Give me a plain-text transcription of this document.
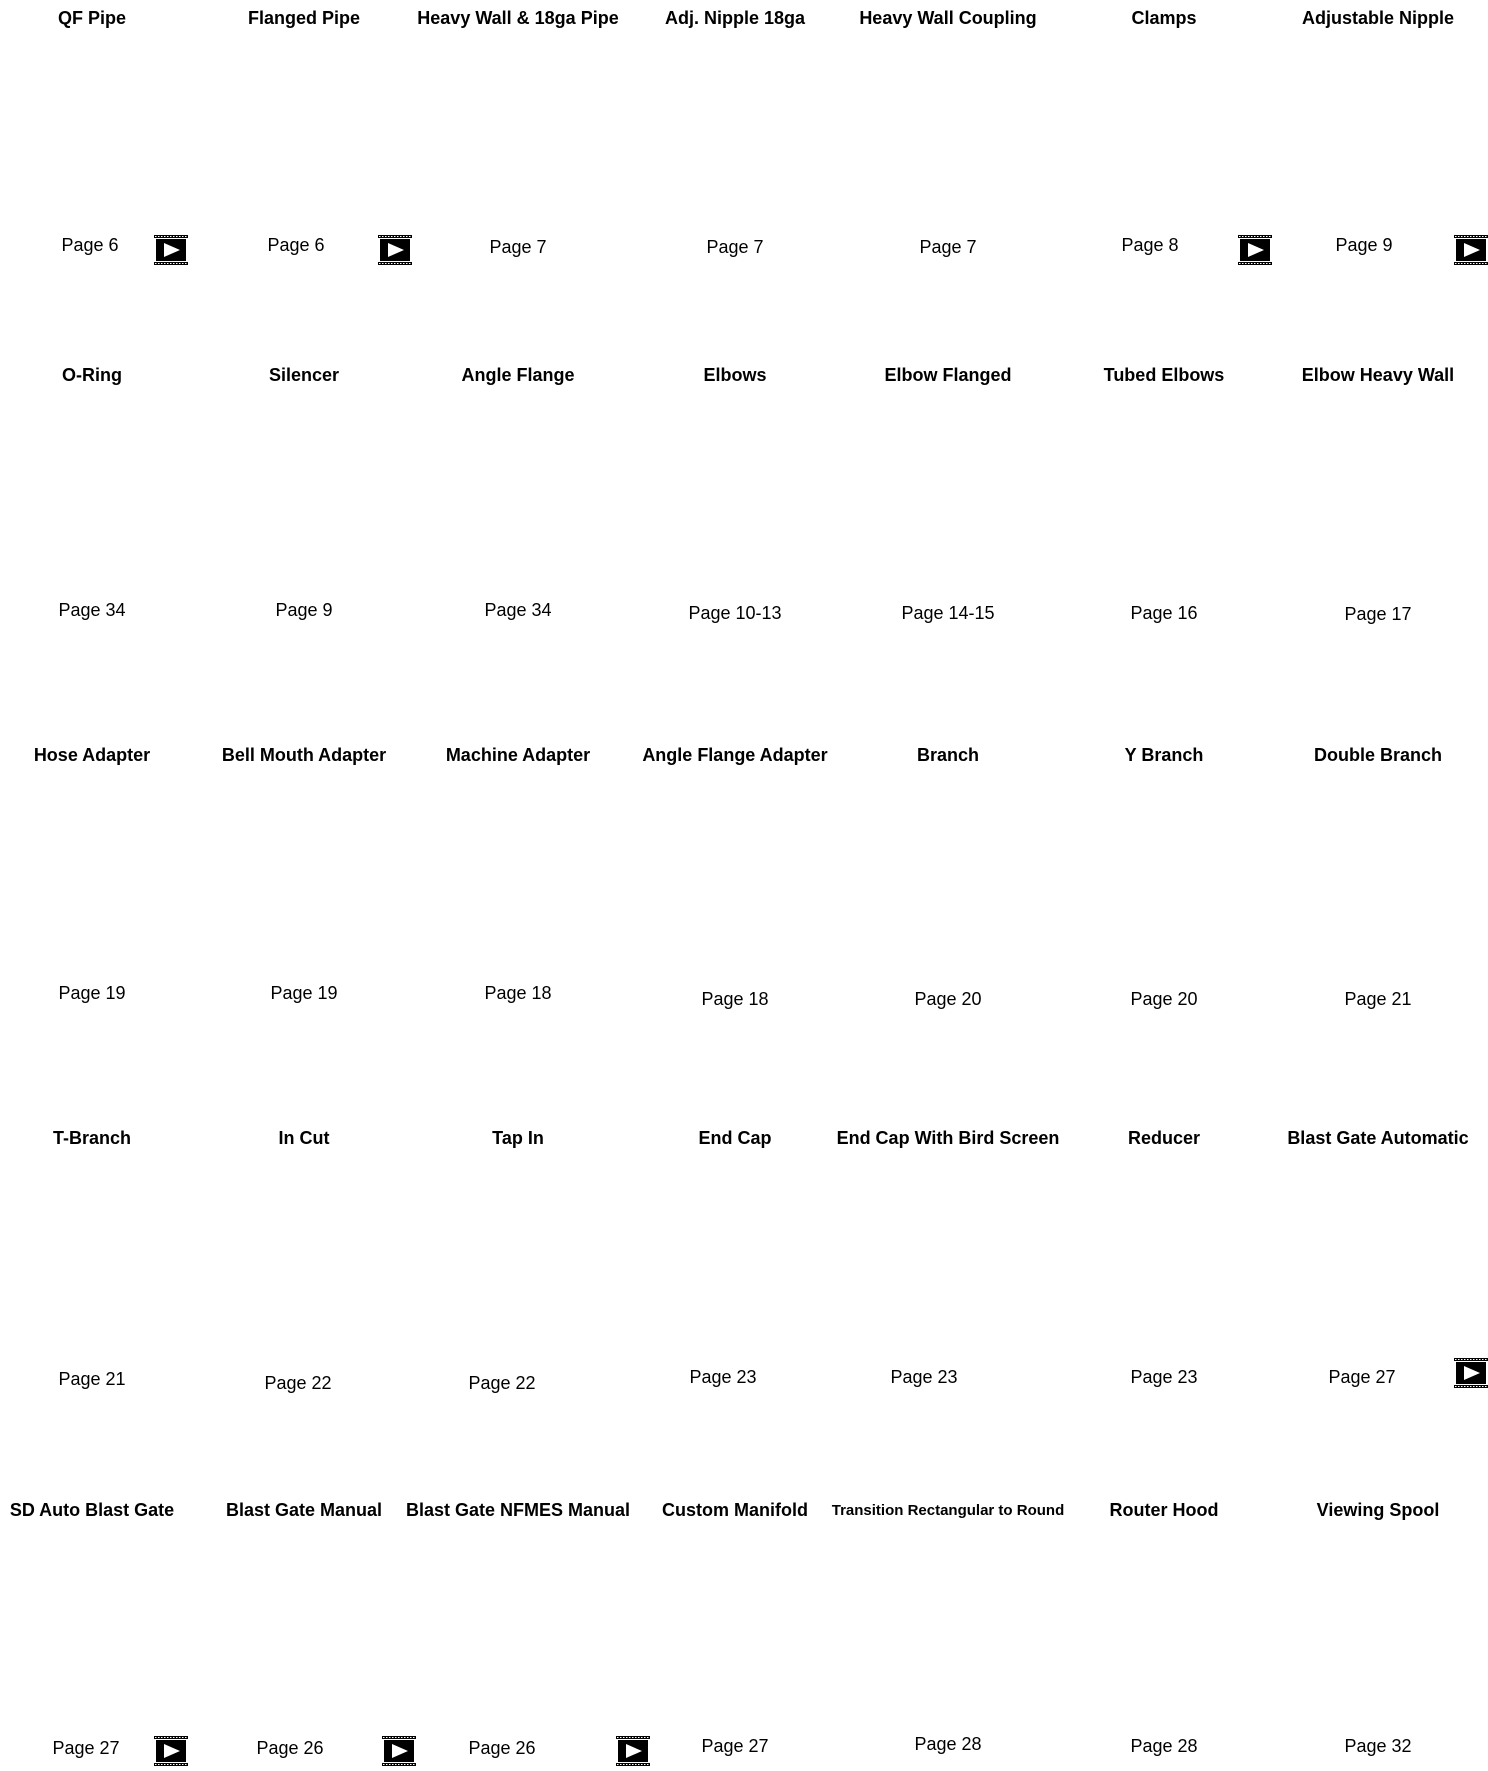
QF Pipe
Page 6
Flanged Pipe
Page 6
Heavy Wall & 18ga Pipe
Page 7
Adj. Nipple 18ga
Page 7
Heavy Wall Coupling
Page 7
Clamps
Page 8
Adjustable Nipple
Page 9
O-Ring
Page 34
Silencer
Page 9
Angle Flange
Page 34
Elbows
Page 10-13
Elbow Flanged
Page 14-15
Tubed Elbows
Page 16
Elbow Heavy Wall
Page 17
Hose Adapter
Page 19
Bell Mouth Adapter
Page 19
Machine Adapter
Page 18
Angle Flange Adapter
Page 18
Branch
Page 20
Y Branch
Page 20
Double Branch
Page 21
T-Branch
Page 21
In Cut
Page 22
Tap In
Page 22
End Cap
Page 23
End Cap With Bird Screen
Page 23
Reducer
Page 23
Blast Gate Automatic
Page 27
SD Auto Blast Gate
Page 27
Blast Gate Manual
Page 26
Blast Gate NFMES Manual
Page 26
Custom Manifold
Page 27
Transition Rectangular to Round
Page 28
Router Hood
Page 28
Viewing Spool
Page 32
